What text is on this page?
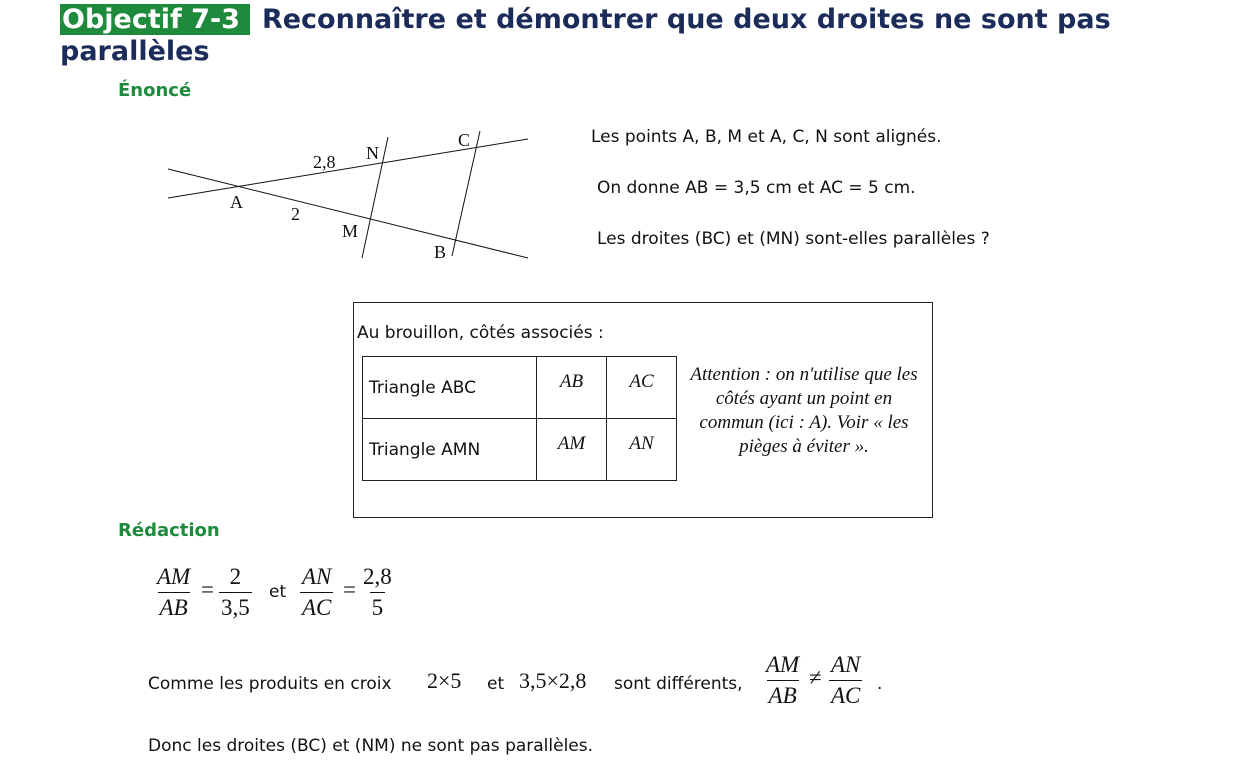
Objectif 7-3 Reconnaître et démontrer que deux droites ne sont pas parallèles
Énoncé
A
B
C
M
N
2,8
2
Les points A, B, M et A, C, N sont alignés.
On donne AB = 3,5 cm et AC = 5 cm.
Les droites (BC) et (MN) sont-elles parallèles ?
Au brouillon, côtés associés :
Triangle ABC	AB	AC
Triangle AMN	AM	AN
Attention : on n'utilise que les côtés ayant un point en commun (ici : A). Voir « les pièges à éviter ».
Rédaction
$\frac{AM}{AB} = \frac{2}{3,5}$ et $\frac{AN}{AC} = \frac{2,8}{5}$
Comme les produits en croix 2×5 et 3,5×2,8 sont différents, $\frac{AM}{AB} \ne \frac{AN}{AC}$ .
Donc les droites (BC) et (NM) ne sont pas parallèles.
